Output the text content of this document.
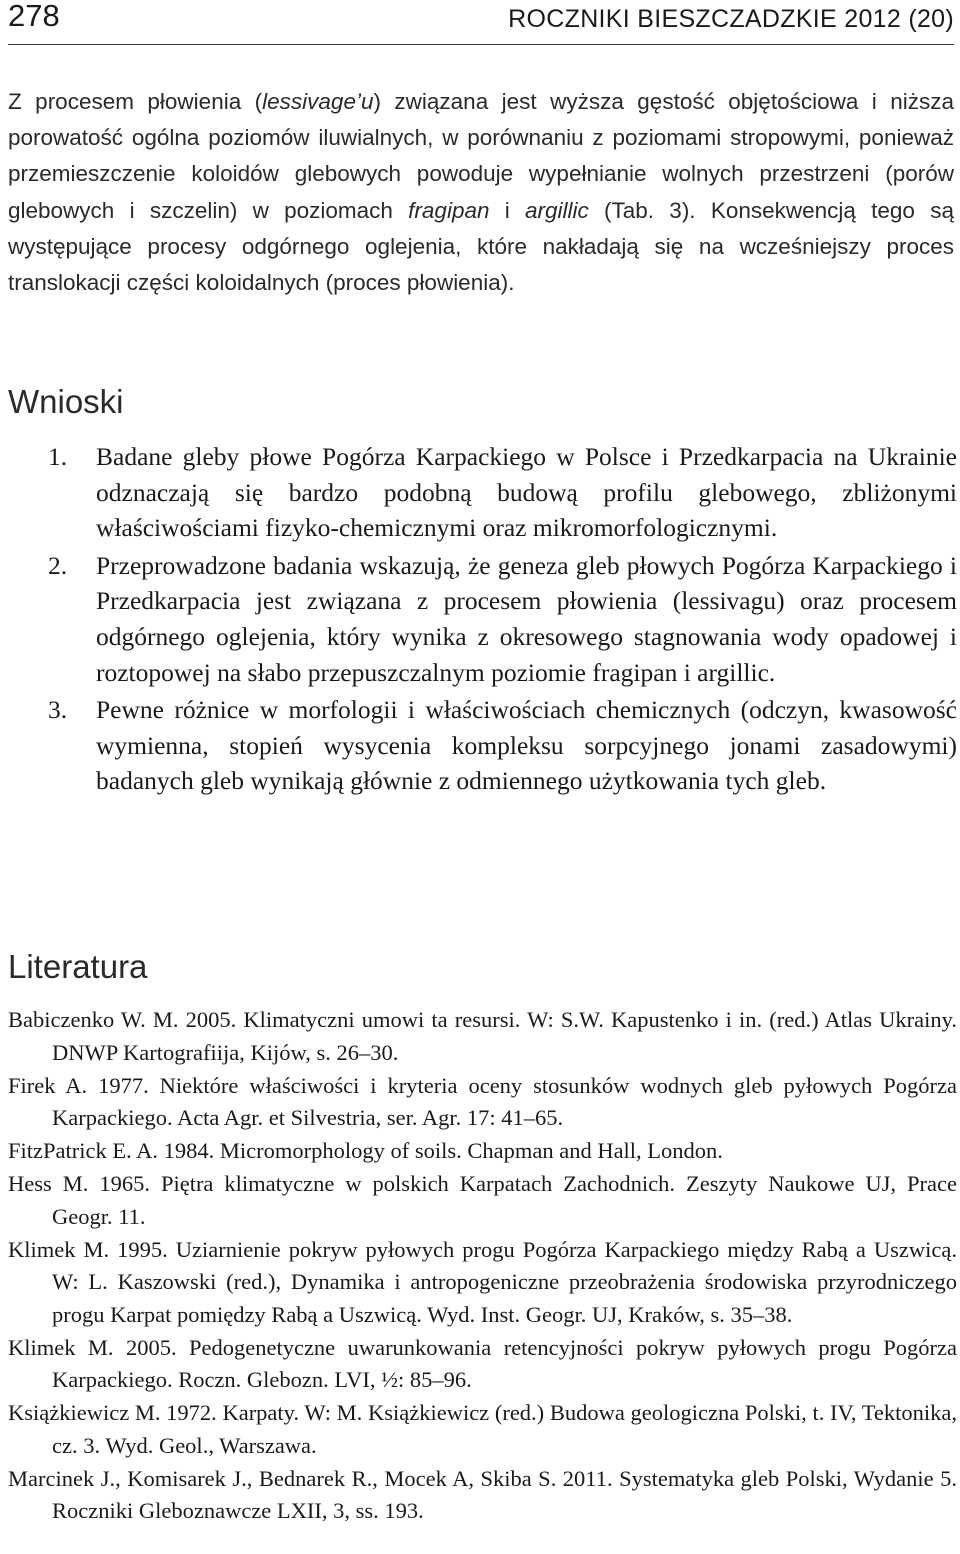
278	ROCZNIKI BIESZCZADZKIE 2012 (20)

Z procesem płowienia (lessivage’u) związana jest wyższa gęstość objętościowa i niższa porowatość ogólna poziomów iluwialnych, w porównaniu z poziomami stropowymi, ponieważ przemieszczenie koloidów glebowych powoduje wypełnianie wolnych przestrzeni (porów glebowych i szczelin) w poziomach fragipan i argillic (Tab. 3). Konsekwencją tego są występujące procesy odgórnego oglejenia, które nakładają się na wcześniejszy proces translokacji części koloidalnych (proces płowienia).

Wnioski
1. Badane gleby płowe Pogórza Karpackiego w Polsce i Przedkarpacia na Ukrainie odznaczają się bardzo podobną budową profilu glebowego, zbliżonymi właściwościami fizyko-chemicznymi oraz mikromorfologicznymi.
2. Przeprowadzone badania wskazują, że geneza gleb płowych Pogórza Karpackiego i Przedkarpacia jest związana z procesem płowienia (lessivagu) oraz procesem odgórnego oglejenia, który wynika z okresowego stagnowania wody opadowej i roztopowej na słabo przepuszczalnym poziomie fragipan i argillic.
3. Pewne różnice w morfologii i właściwościach chemicznych (odczyn, kwasowość wymienna, stopień wysycenia kompleksu sorpcyjnego jonami zasadowymi) badanych gleb wynikają głównie z odmiennego użytkowania tych gleb.
Literatura
Babiczenko W. M. 2005. Klimatyczni umowi ta resursi. W: S.W. Kapustenko i in. (red.) Atlas Ukrainy. DNWP Kartografiija, Kijów, s. 26–30.
Firek A. 1977. Niektóre właściwości i kryteria oceny stosunków wodnych gleb pyłowych Pogórza Karpackiego. Acta Agr. et Silvestria, ser. Agr. 17: 41–65.
FitzPatrick E. A. 1984. Micromorphology of soils. Chapman and Hall, London.
Hess M. 1965. Piętra klimatyczne w polskich Karpatach Zachodnich. Zeszyty Naukowe UJ, Prace Geogr. 11.
Klimek M. 1995. Uziarnienie pokryw pyłowych progu Pogórza Karpackiego między Rabą a Uszwicą. W: L. Kaszowski (red.), Dynamika i antropogeniczne przeobrażenia środowiska przyrodniczego progu Karpat pomiędzy Rabą a Uszwicą. Wyd. Inst. Geogr. UJ, Kraków, s. 35–38.
Klimek M. 2005. Pedogenetyczne uwarunkowania retencyjności pokryw pyłowych progu Pogórza Karpackiego. Roczn. Glebozn. LVI, ½: 85–96.
Książkiewicz M. 1972. Karpaty. W: M. Książkiewicz (red.) Budowa geologiczna Polski, t. IV, Tektonika, cz. 3. Wyd. Geol., Warszawa.
Marcinek J., Komisarek J., Bednarek R., Mocek A, Skiba S. 2011. Systematyka gleb Polski, Wydanie 5. Roczniki Gleboznawcze LXII, 3, ss. 193.
